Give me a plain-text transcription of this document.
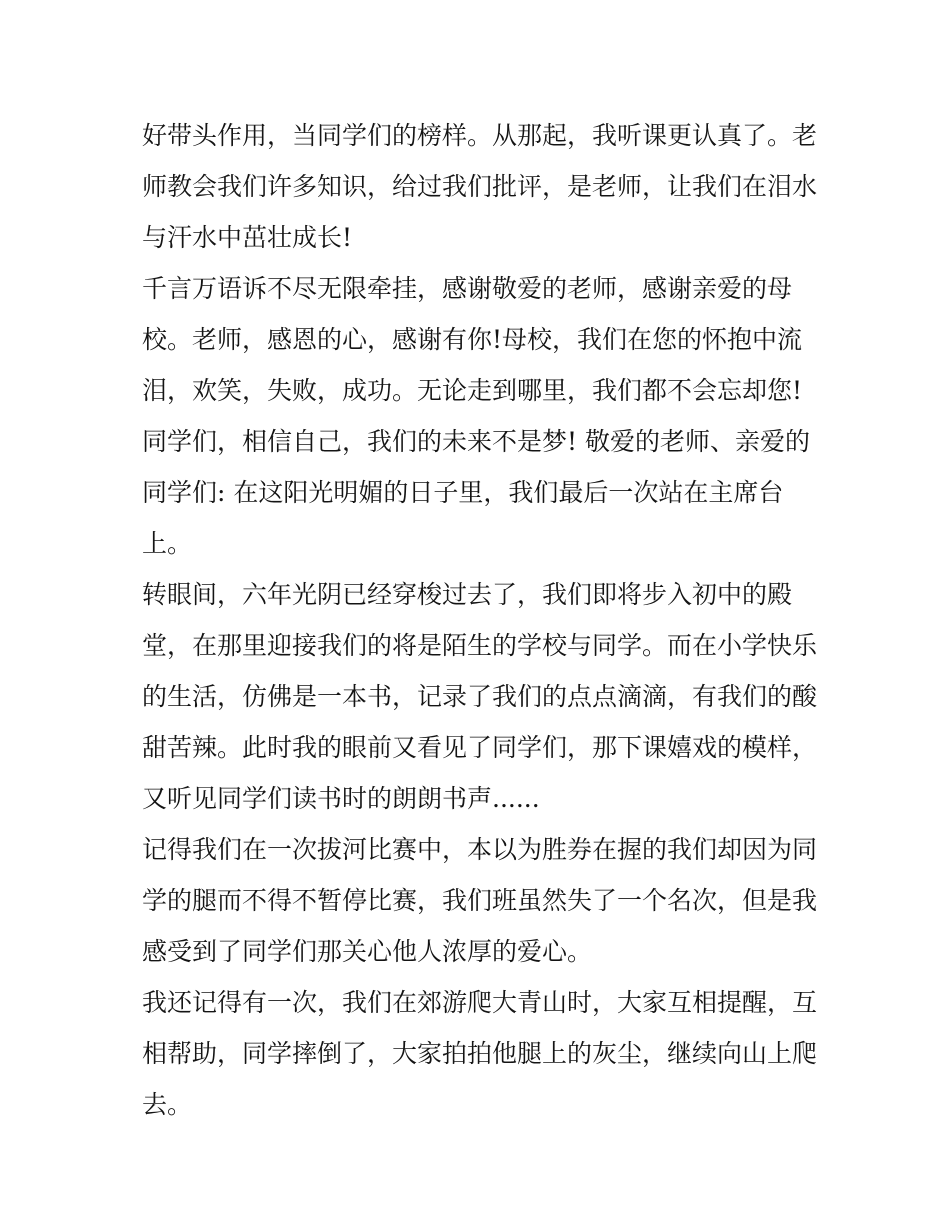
好带头作用，当同学们的榜样。从那起，我听课更认真了。老
师教会我们许多知识，给过我们批评，是老师，让我们在泪水
与汗水中茁壮成长!
千言万语诉不尽无限牵挂，感谢敬爱的老师，感谢亲爱的母
校。老师，感恩的心，感谢有你!母校，我们在您的怀抱中流
泪，欢笑，失败，成功。无论走到哪里，我们都不会忘却您!
同学们，相信自己，我们的未来不是梦! 敬爱的老师、亲爱的
同学们: 在这阳光明媚的日子里，我们最后一次站在主席台
上。
转眼间，六年光阴已经穿梭过去了，我们即将步入初中的殿
堂，在那里迎接我们的将是陌生的学校与同学。而在小学快乐
的生活，仿佛是一本书，记录了我们的点点滴滴，有我们的酸
甜苦辣。此时我的眼前又看见了同学们，那下课嬉戏的模样，
又听见同学们读书时的朗朗书声......
记得我们在一次拔河比赛中，本以为胜券在握的我们却因为同
学的腿而不得不暂停比赛，我们班虽然失了一个名次，但是我
感受到了同学们那关心他人浓厚的爱心。
我还记得有一次，我们在郊游爬大青山时，大家互相提醒，互
相帮助，同学摔倒了，大家拍拍他腿上的灰尘，继续向山上爬
去。
